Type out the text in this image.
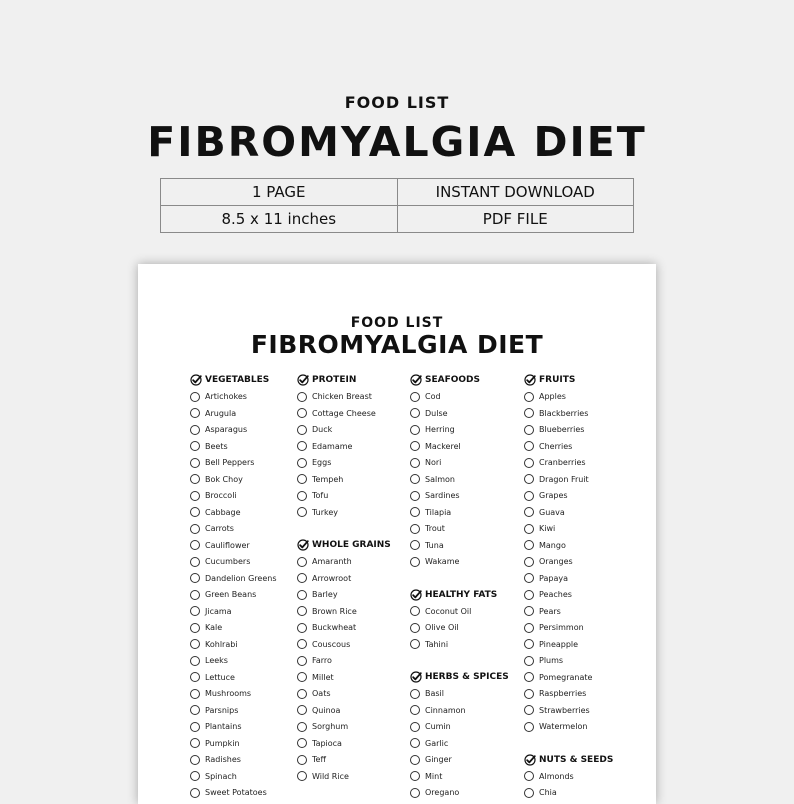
FOOD LIST
FIBROMYALGIA DIET
1 PAGE	INSTANT DOWNLOAD
8.5 x 11 inches	PDF FILE
FOOD LIST
FIBROMYALGIA DIET
VEGETABLES
Artichokes
Arugula
Asparagus
Beets
Bell Peppers
Bok Choy
Broccoli
Cabbage
Carrots
Cauliflower
Cucumbers
Dandelion Greens
Green Beans
Jicama
Kale
Kohlrabi
Leeks
Lettuce
Mushrooms
Parsnips
Plantains
Pumpkin
Radishes
Spinach
Sweet Potatoes
PROTEIN
Chicken Breast
Cottage Cheese
Duck
Edamame
Eggs
Tempeh
Tofu
Turkey
WHOLE GRAINS
Amaranth
Arrowroot
Barley
Brown Rice
Buckwheat
Couscous
Farro
Millet
Oats
Quinoa
Sorghum
Tapioca
Teff
Wild Rice
SEAFOODS
Cod
Dulse
Herring
Mackerel
Nori
Salmon
Sardines
Tilapia
Trout
Tuna
Wakame
HEALTHY FATS
Coconut Oil
Olive Oil
Tahini
HERBS & SPICES
Basil
Cinnamon
Cumin
Garlic
Ginger
Mint
Oregano
FRUITS
Apples
Blackberries
Blueberries
Cherries
Cranberries
Dragon Fruit
Grapes
Guava
Kiwi
Mango
Oranges
Papaya
Peaches
Pears
Persimmon
Pineapple
Plums
Pomegranate
Raspberries
Strawberries
Watermelon
NUTS & SEEDS
Almonds
Chia
